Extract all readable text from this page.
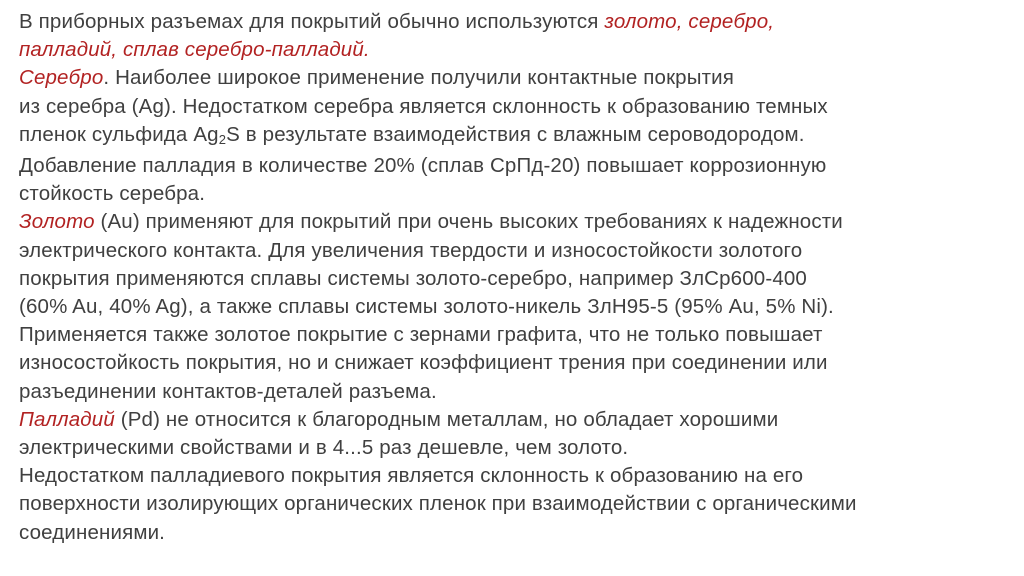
В приборных разъемах для покрытий обычно используются золото, серебро,
палладий, сплав серебро-палладий.
Серебро. Наиболее широкое применение получили контактные покрытия
из серебра (Ag). Недостатком серебра является склонность к образованию темных
пленок сульфида $Ag_2S$ в результате взаимодействия с влажным сероводородом.
Добавление палладия в количестве 20% (сплав СрПд-20) повышает коррозионную
стойкость серебра.
Золото (Au) применяют для покрытий при очень высоких требованиях к надежности
электрического контакта. Для увеличения твердости и износостойкости золотого
покрытия применяются сплавы системы золото-серебро, например ЗлСр600-400
(60% Au, 40% Ag), а также сплавы системы золото-никель ЗлН95-5 (95% Au, 5% Ni).
Применяется также золотое покрытие с зернами графита, что не только повышает
износостойкость покрытия, но и снижает коэффициент трения при соединении или
разъединении контактов-деталей разъема.
Палладий (Pd) не относится к благородным металлам, но обладает хорошими
электрическими свойствами и в 4...5 раз дешевле, чем золото.
Недостатком палладиевого покрытия является склонность к образованию на его
поверхности изолирующих органических пленок при взаимодействии с органическими
соединениями.
